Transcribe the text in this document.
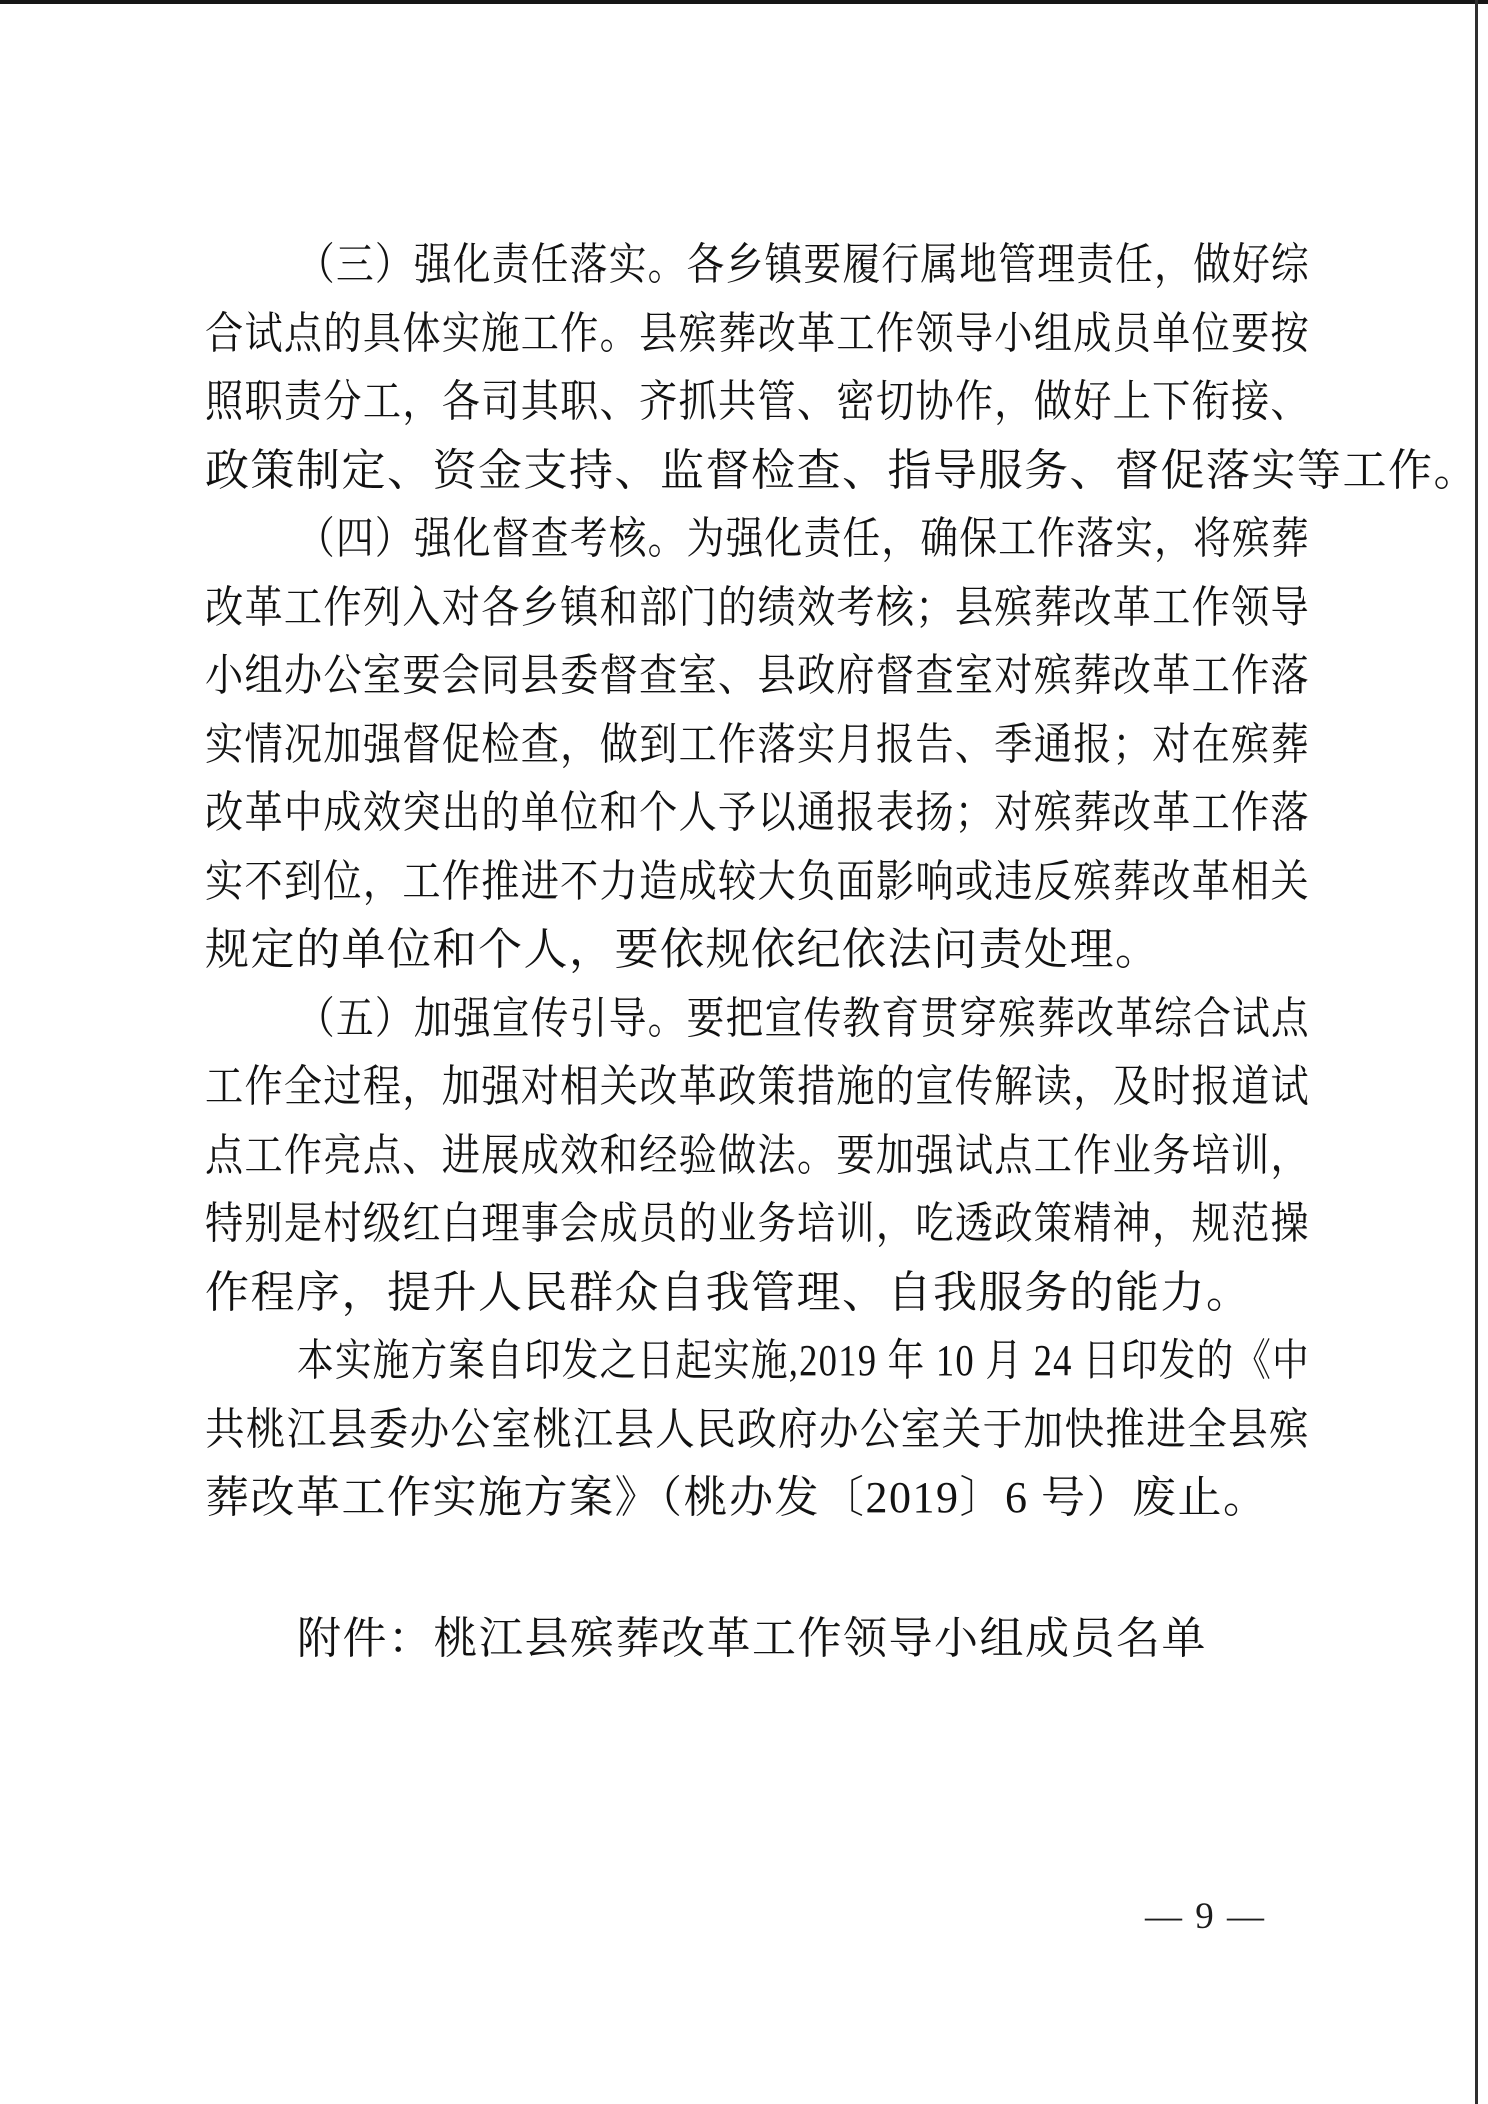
（三）强化责任落实。各乡镇要履行属地管理责任，做好综
合试点的具体实施工作。县殡葬改革工作领导小组成员单位要按
照职责分工，各司其职、齐抓共管、密切协作，做好上下衔接、
政策制定、资金支持、监督检查、指导服务、督促落实等工作。
（四）强化督查考核。为强化责任，确保工作落实，将殡葬
改革工作列入对各乡镇和部门的绩效考核；县殡葬改革工作领导
小组办公室要会同县委督查室、县政府督查室对殡葬改革工作落
实情况加强督促检查，做到工作落实月报告、季通报；对在殡葬
改革中成效突出的单位和个人予以通报表扬；对殡葬改革工作落
实不到位，工作推进不力造成较大负面影响或违反殡葬改革相关
规定的单位和个人，要依规依纪依法问责处理。
（五）加强宣传引导。要把宣传教育贯穿殡葬改革综合试点
工作全过程，加强对相关改革政策措施的宣传解读，及时报道试
点工作亮点、进展成效和经验做法。要加强试点工作业务培训，
特别是村级红白理事会成员的业务培训，吃透政策精神，规范操
作程序，提升人民群众自我管理、自我服务的能力。
本实施方案自印发之日起实施,2019 年 10 月 24 日印发的《中
共桃江县委办公室桃江县人民政府办公室关于加快推进全县殡
葬改革工作实施方案》（桃办发〔2019〕6 号）废止。
附件：桃江县殡葬改革工作领导小组成员名单
— 9 —
